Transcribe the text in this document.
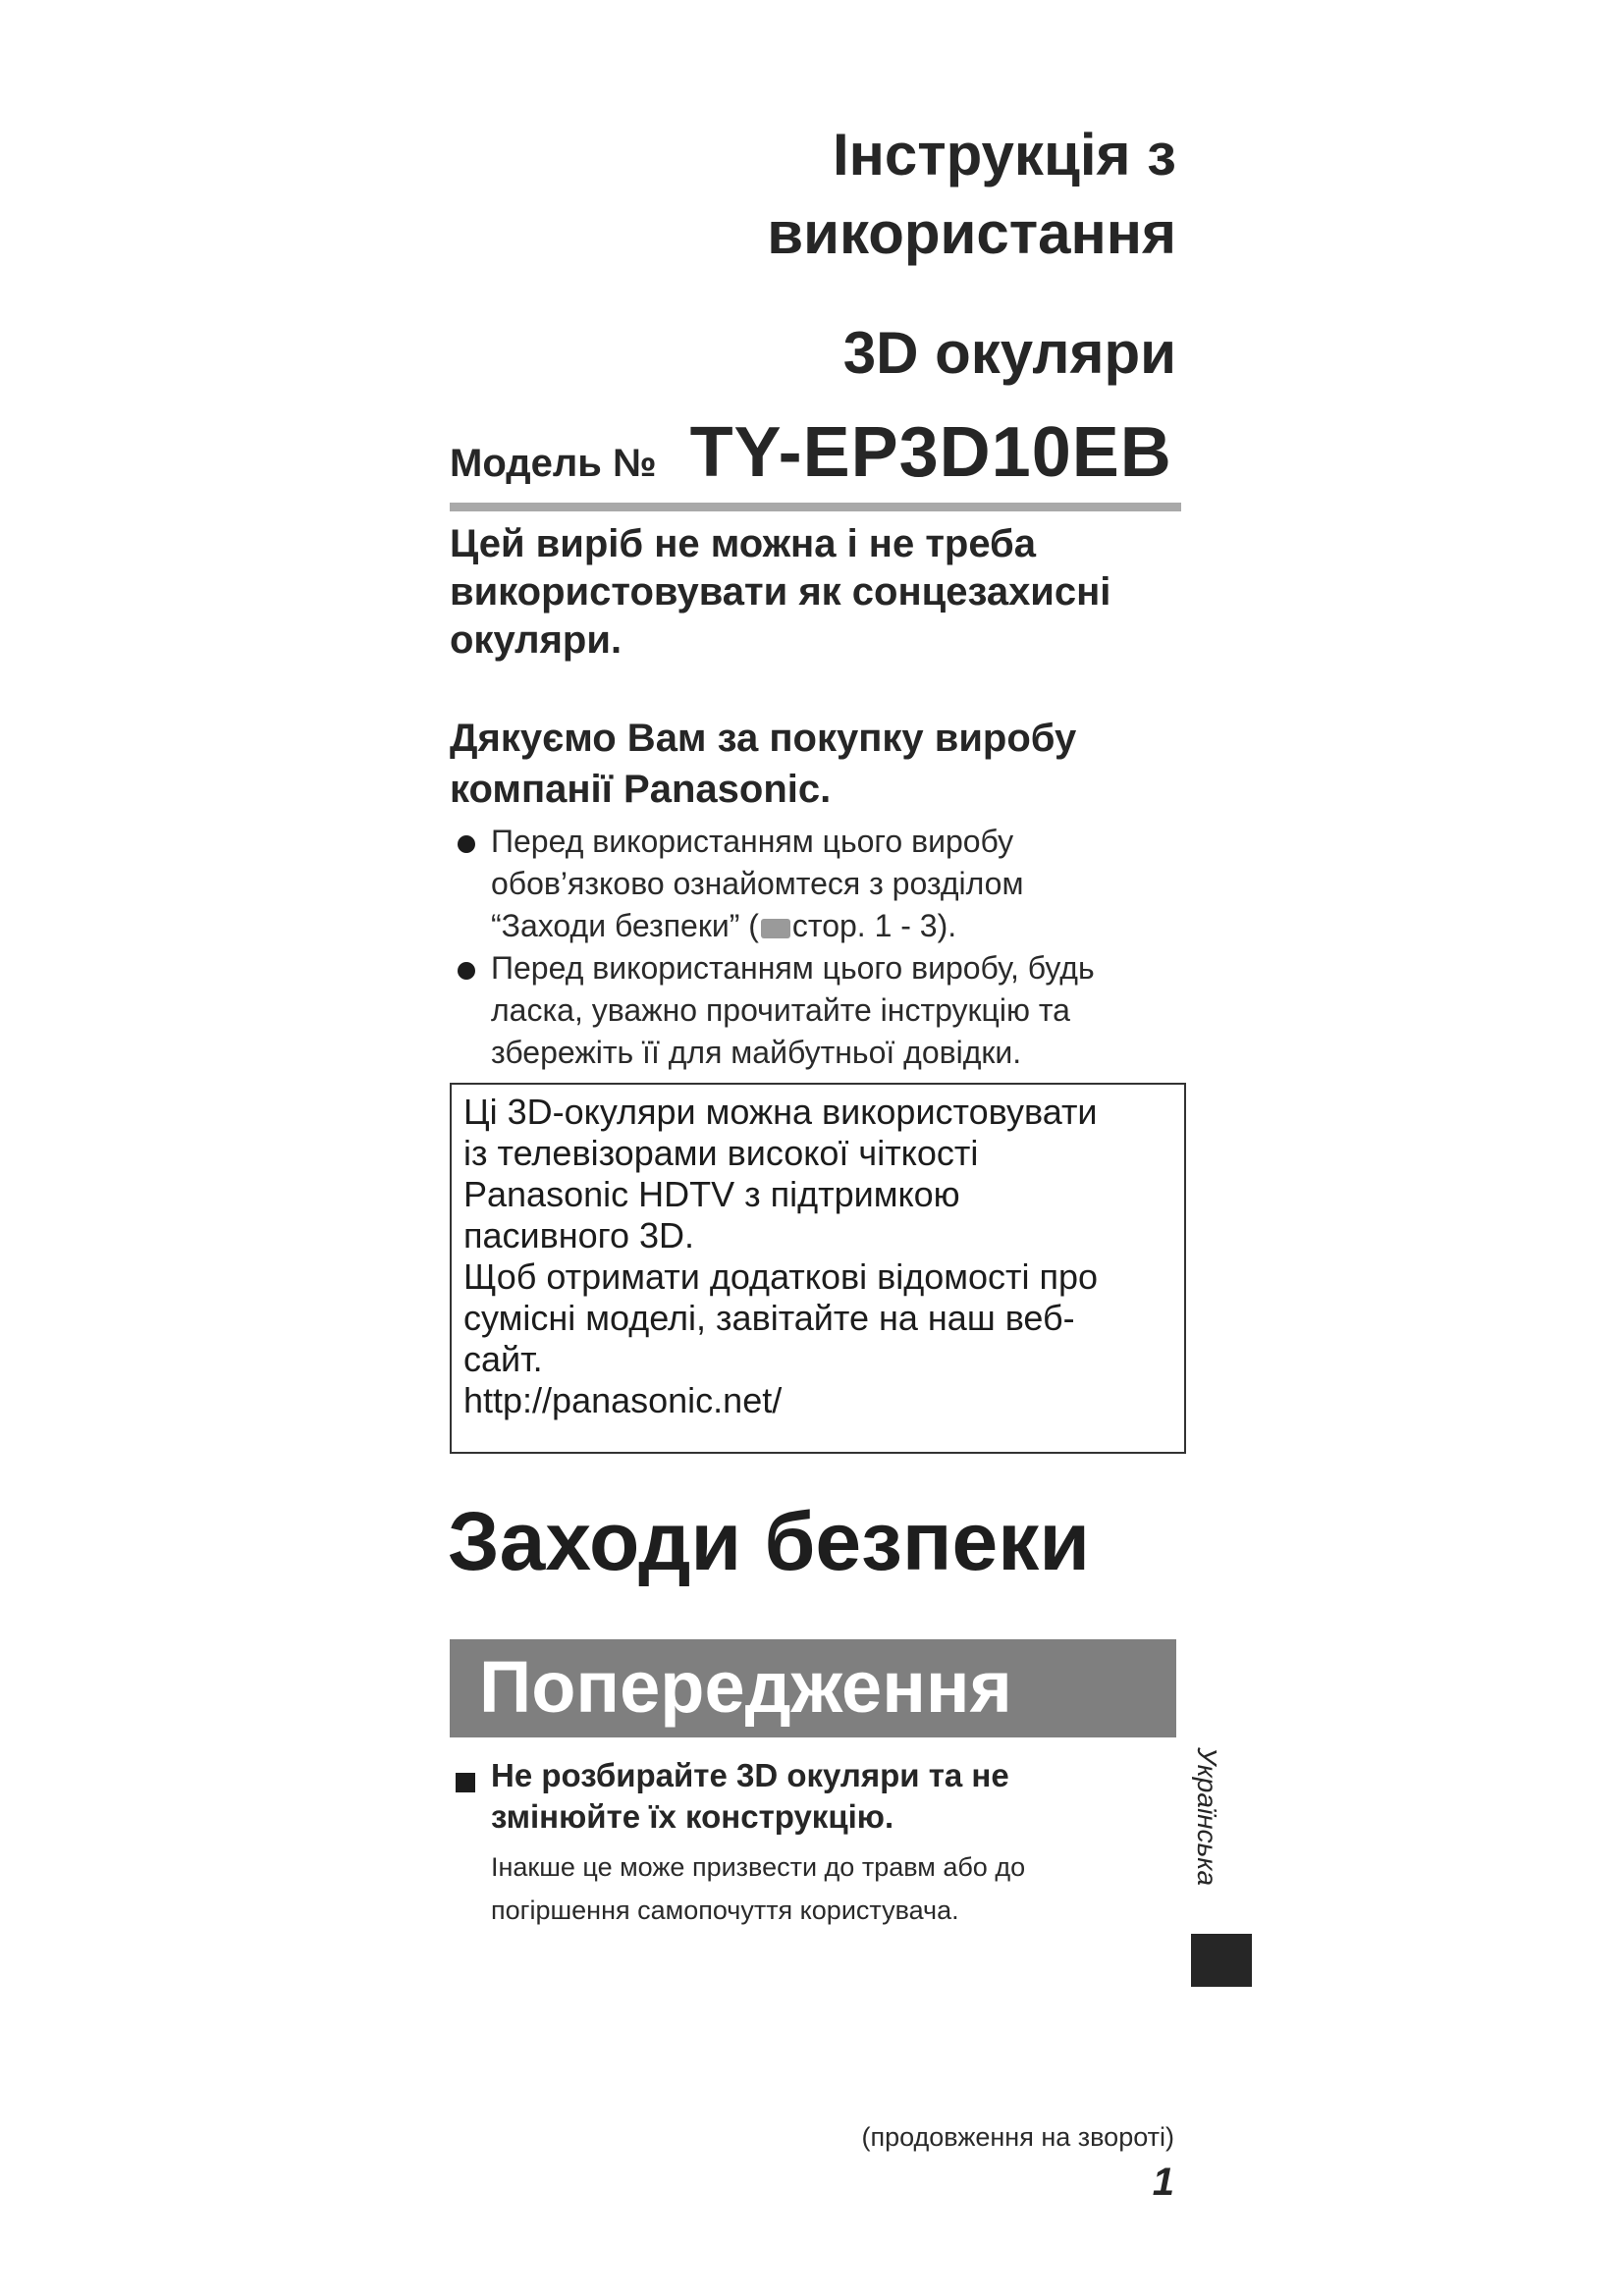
Інструкція з
використання
3D окуляри
Модель № TY-EP3D10EB

Цей виріб не можна і не треба
використовувати як сонцезахисні
окуляри.

Дякуємо Вам за покупку виробу
компанії Panasonic.

Перед використанням цього виробу
обов’язково ознайомтеся з розділом
“Заходи безпеки” ( стор. 1 - 3).
Перед використанням цього виробу, будь
ласка, уважно прочитайте інструкцію та
збережіть її для майбутньої довідки.

Ці 3D-окуляри можна використовувати

із телевізорами високої чіткості

Panasonic HDTV з підтримкою

пасивного 3D.

Щоб отримати додаткові відомості про

сумісні моделі, завітайте на наш веб-

сайт.

http://panasonic.net/

Заходи безпеки
Попередження

Не розбирайте 3D окуляри та не
змінюйте їх конструкцію.

Інакше це може призвести до травм або до
погіршення самопочуття користувача.

Українська
(продовження на звороті)
1
